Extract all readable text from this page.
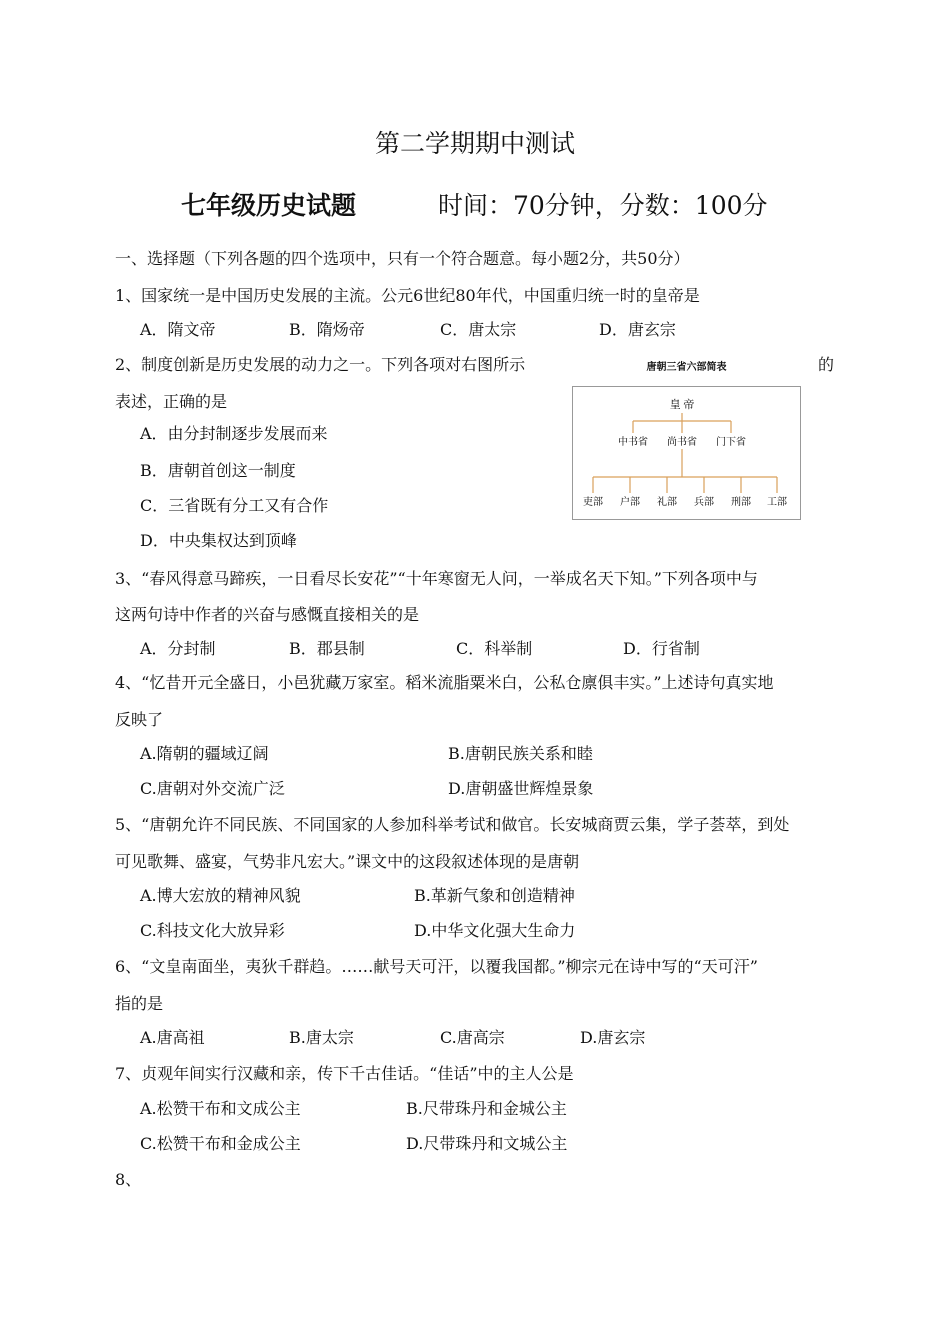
第二学期期中测试
七年级历史试题	时间：70分钟，分数：100分
一、选择题（下列各题的四个选项中，只有一个符合题意。每小题2分，共50分）
1、国家统一是中国历史发展的主流。公元6世纪80年代，中国重归统一时的皇帝是
A．隋文帝	B．隋炀帝	C．唐太宗	D．唐玄宗
2、制度创新是历史发展的动力之一。下列各项对右图所示	的
表述，正确的是
A．由分封制逐步发展而来
B．唐朝首创这一制度
C．三省既有分工又有合作
D．中央集权达到顶峰
皇 帝
中书省 尚书省 门下省
吏部 户部 礼部 兵部 刑部 工部
唐朝三省六部简表
3、“春风得意马蹄疾，一日看尽长安花”“十年寒窗无人问，一举成名天下知。”下列各项中与
这两句诗中作者的兴奋与感慨直接相关的是
A．分封制	B．郡县制	C．科举制	D．行省制
4、“忆昔开元全盛日，小邑犹藏万家室。稻米流脂粟米白，公私仓廪俱丰实。”上述诗句真实地
反映了
A.隋朝的疆域辽阔	B.唐朝民族关系和睦
C.唐朝对外交流广泛	D.唐朝盛世辉煌景象
5、“唐朝允许不同民族、不同国家的人参加科举考试和做官。长安城商贾云集，学子荟萃，到处
可见歌舞、盛宴，气势非凡宏大。”课文中的这段叙述体现的是唐朝
A.博大宏放的精神风貌	B.革新气象和创造精神
C.科技文化大放异彩	D.中华文化强大生命力
6、“文皇南面坐，夷狄千群趋。……献号天可汗，以覆我国都。”柳宗元在诗中写的“天可汗”
指的是
A.唐高祖	B.唐太宗	C.唐高宗	D.唐玄宗
7、贞观年间实行汉藏和亲，传下千古佳话。“佳话”中的主人公是
A.松赞干布和文成公主	B.尺带珠丹和金城公主
C.松赞干布和金成公主	D.尺带珠丹和文城公主
8、
